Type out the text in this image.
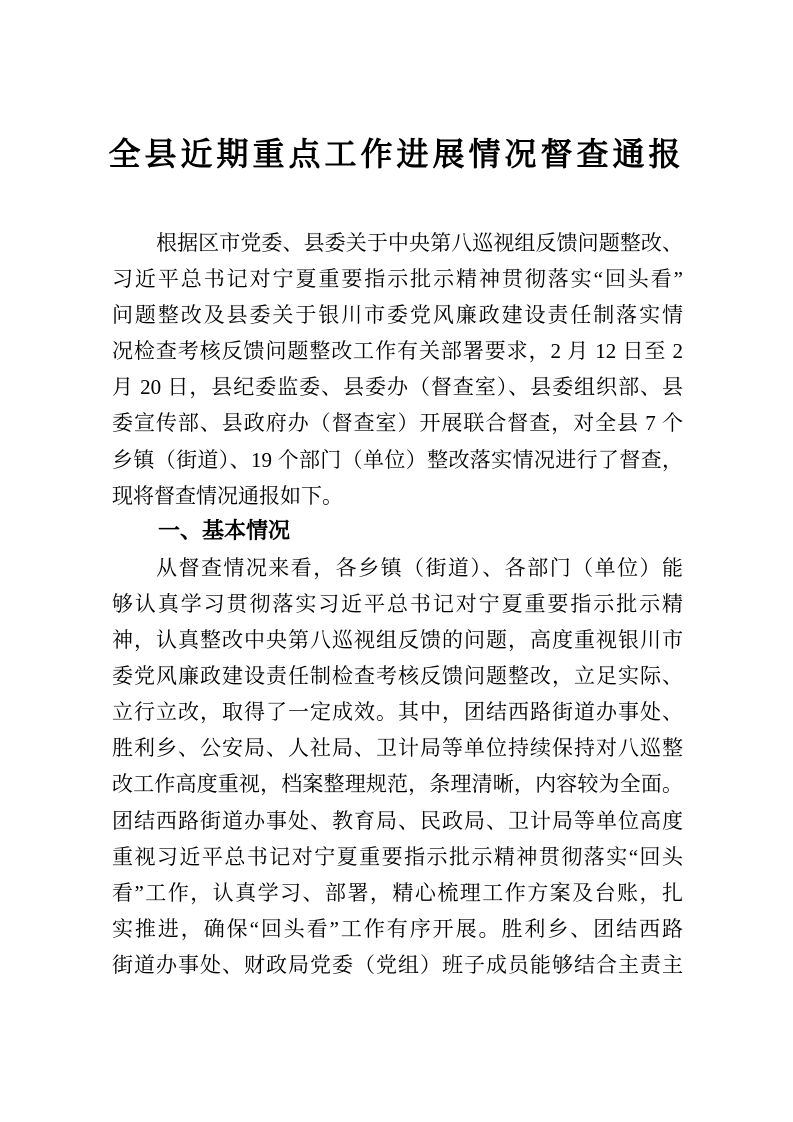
全县近期重点工作进展情况督查通报
根据区市党委、县委关于中央第八巡视组反馈问题整改、
习近平总书记对宁夏重要指示批示精神贯彻落实“回头看”
问题整改及县委关于银川市委党风廉政建设责任制落实情
况检查考核反馈问题整改工作有关部署要求，2 月 12 日至 2
月 20 日，县纪委监委、县委办（督查室）、县委组织部、县
委宣传部、县政府办（督查室）开展联合督查，对全县 7 个
乡镇（街道）、19 个部门（单位）整改落实情况进行了督查，
现将督查情况通报如下。
一、基本情况
从督查情况来看，各乡镇（街道）、各部门（单位）能
够认真学习贯彻落实习近平总书记对宁夏重要指示批示精
神，认真整改中央第八巡视组反馈的问题，高度重视银川市
委党风廉政建设责任制检查考核反馈问题整改，立足实际、
立行立改，取得了一定成效。其中，团结西路街道办事处、
胜利乡、公安局、人社局、卫计局等单位持续保持对八巡整
改工作高度重视，档案整理规范，条理清晰，内容较为全面。
团结西路街道办事处、教育局、民政局、卫计局等单位高度
重视习近平总书记对宁夏重要指示批示精神贯彻落实“回头
看”工作，认真学习、部署，精心梳理工作方案及台账，扎
实推进，确保“回头看”工作有序开展。胜利乡、团结西路
街道办事处、财政局党委（党组）班子成员能够结合主责主
